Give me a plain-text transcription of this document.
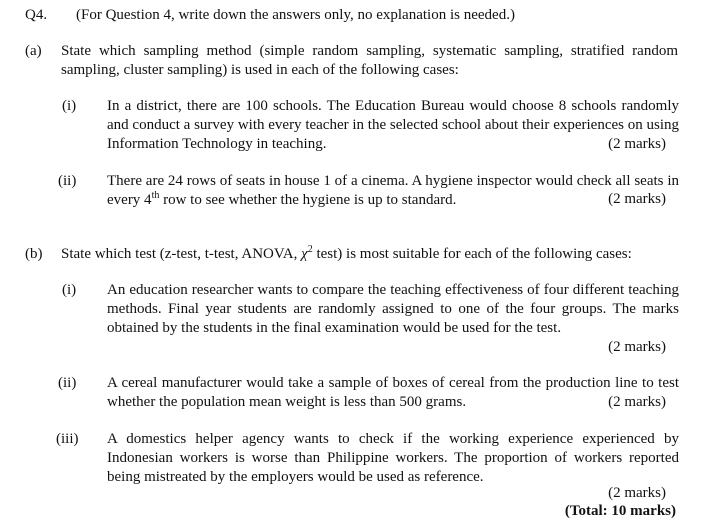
Q4. (For Question 4, write down the answers only, no explanation is needed.)
(a) State which sampling method (simple random sampling, systematic sampling, stratified random sampling, cluster sampling) is used in each of the following cases:
(i) In a district, there are 100 schools. The Education Bureau would choose 8 schools randomly and conduct a survey with every teacher in the selected school about their experiences on using Information Technology in teaching.	(2 marks)
(ii) There are 24 rows of seats in house 1 of a cinema. A hygiene inspector would check all seats in every 4th row to see whether the hygiene is up to standard.	(2 marks)
(b) State which test (z-test, t-test, ANOVA, $\chi^2$ test) is most suitable for each of the following cases:
(i) An education researcher wants to compare the teaching effectiveness of four different teaching methods. Final year students are randomly assigned to one of the four groups. The marks obtained by the students in the final examination would be used for the test.
(2 marks)
(ii) A cereal manufacturer would take a sample of boxes of cereal from the production line to test whether the population mean weight is less than 500 grams.	(2 marks)
(iii) A domestics helper agency wants to check if the working experience experienced by Indonesian workers is worse than Philippine workers. The proportion of workers reported being mistreated by the employers would be used as reference.
(2 marks)
(Total: 10 marks)
